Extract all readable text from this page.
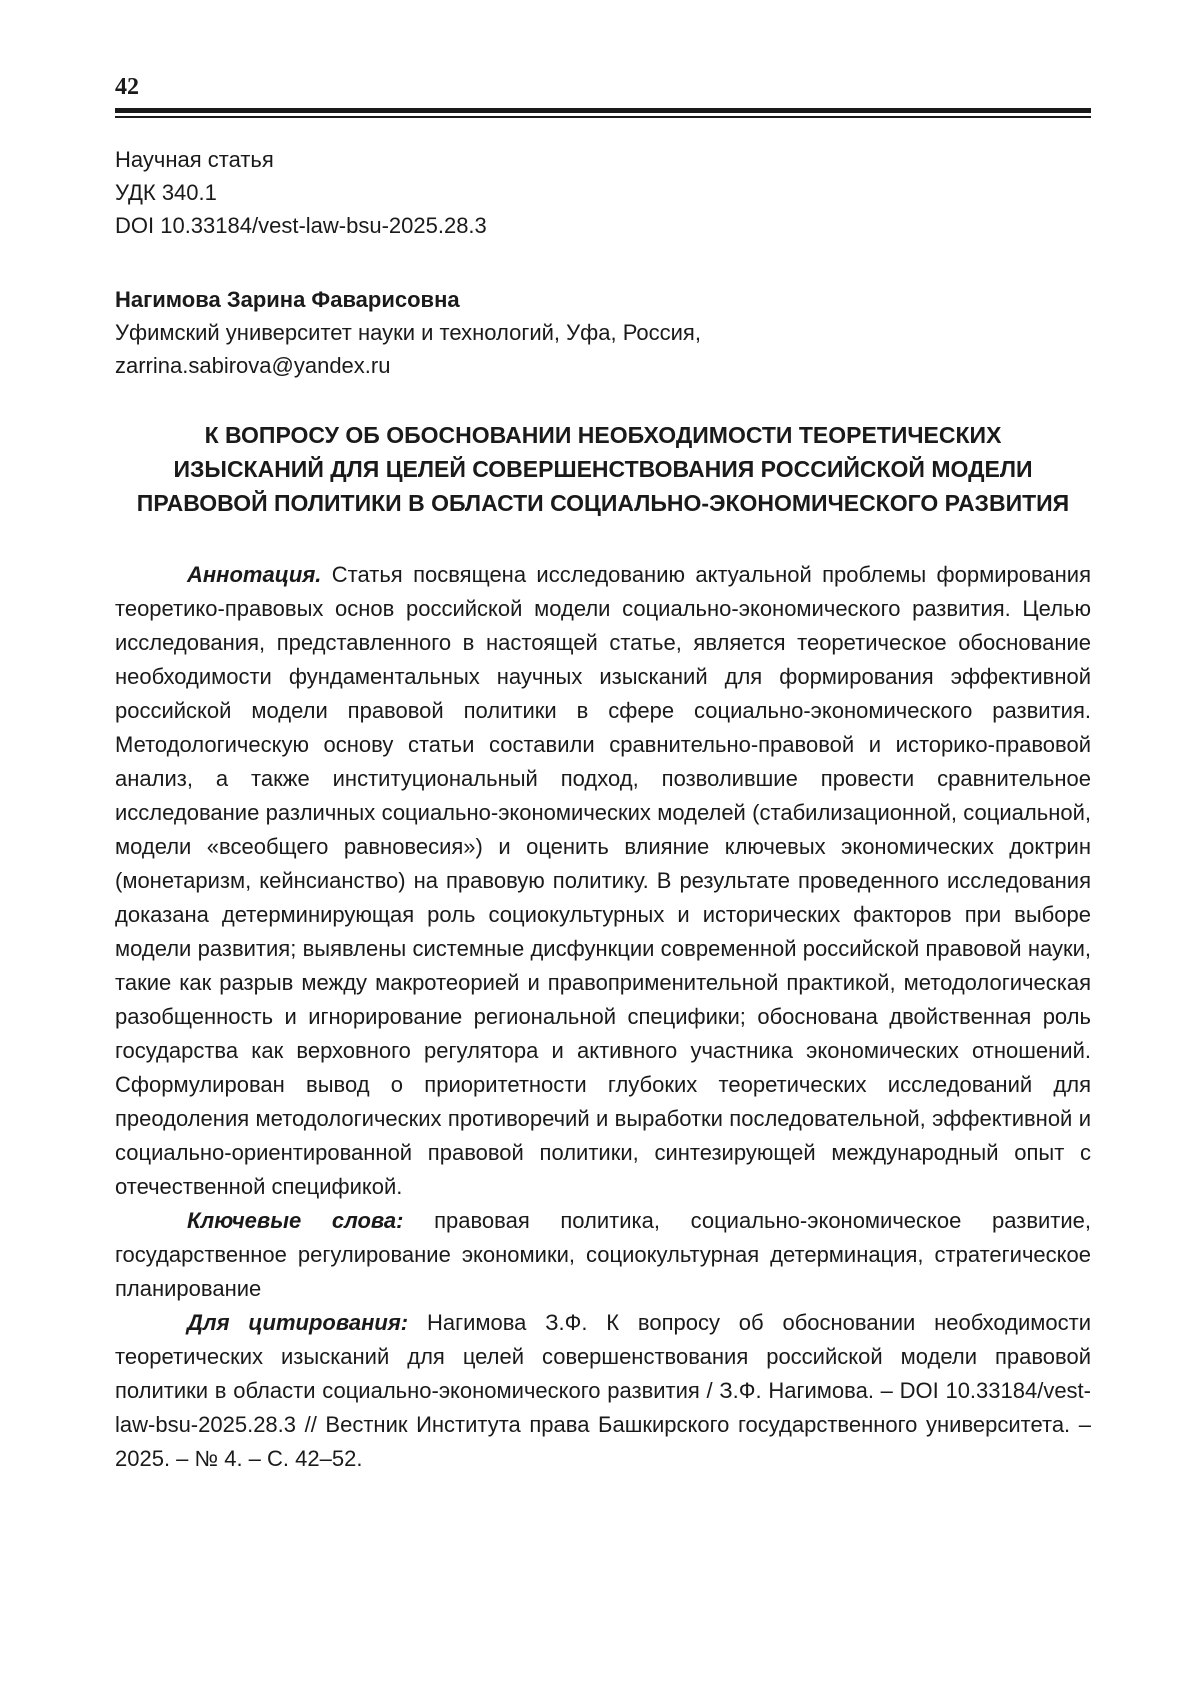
42
Научная статья
УДК 340.1
DOI 10.33184/vest-law-bsu-2025.28.3
Нагимова Зарина Фаварисовна
Уфимский университет науки и технологий, Уфа, Россия,
zarrina.sabirova@yandex.ru
К ВОПРОСУ ОБ ОБОСНОВАНИИ НЕОБХОДИМОСТИ ТЕОРЕТИЧЕСКИХ
ИЗЫСКАНИЙ ДЛЯ ЦЕЛЕЙ СОВЕРШЕНСТВОВАНИЯ РОССИЙСКОЙ МОДЕЛИ
ПРАВОВОЙ ПОЛИТИКИ В ОБЛАСТИ СОЦИАЛЬНО-ЭКОНОМИЧЕСКОГО РАЗВИТИЯ

Аннотация. Статья посвящена исследованию актуальной проблемы формирования теоретико-правовых основ российской модели социально-экономического развития. Целью исследования, представленного в настоящей статье, является теоретическое обоснование необходимости фундаментальных научных изысканий для формирования эффективной российской модели правовой политики в сфере социально-экономического развития. Методологическую основу статьи составили сравнительно-правовой и историко-правовой анализ, а также институциональный подход, позволившие провести сравнительное исследование различных социально-экономических моделей (стабилизационной, социальной, модели «всеобщего равновесия») и оценить влияние ключевых экономических доктрин (монетаризм, кейнсианство) на правовую политику. В результате проведенного исследования доказана детерминирующая роль социокультурных и исторических факторов при выборе модели развития; выявлены системные дисфункции современной российской правовой науки, такие как разрыв между макротеорией и правоприменительной практикой, методологическая разобщенность и игнорирование региональной специфики; обоснована двойственная роль государства как верховного регулятора и активного участника экономических отношений. Сформулирован вывод о приоритетности глубоких теоретических исследований для преодоления методологических противоречий и выработки последовательной, эффективной и социально-ориентированной правовой политики, синтезирующей международный опыт с отечественной спецификой.

Ключевые слова: правовая политика, социально-экономическое развитие, государственное регулирование экономики, социокультурная детерминация, стратегическое планирование

Для цитирования: Нагимова З.Ф. К вопросу об обосновании необходимости теоретических изысканий для целей совершенствования российской модели правовой политики в области социально-экономического развития / З.Ф. Нагимова. – DOI 10.33184/vest-law-bsu-2025.28.3 // Вестник Института права Башкирского государственного университета. – 2025. – № 4. – С. 42–52.
